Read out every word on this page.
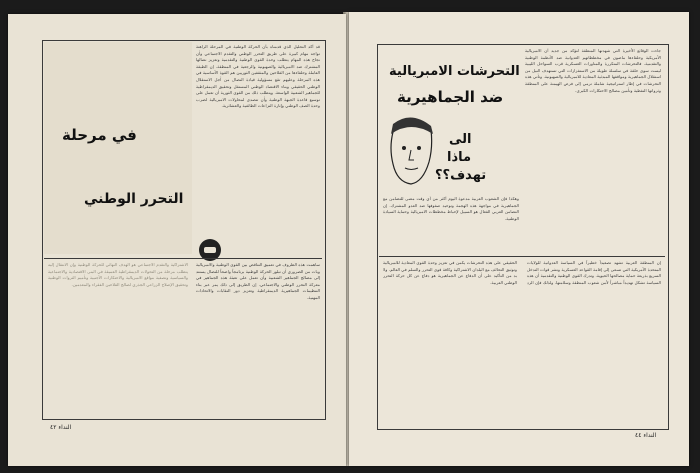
في مرحلة
التحرر الوطني

قد أكد التحليل الذي قدمناه بأن الحركة الوطنية في المرحلة الراهنة تواجه مهام كبيرة على طريق التحرر الوطني والتقدم الاجتماعي وأن نجاح هذه المهام يتطلب وحدة القوى الوطنية والتقدمية وتعزيز نضالها المشترك ضد الامبريالية والصهيونية والرجعية في المنطقة. إن الطبقة العاملة وحلفاءها من الفلاحين والمثقفين الثوريين هم القوة الأساسية في هذه المرحلة وعليهم تقع مسؤولية قيادة النضال من أجل الاستقلال الوطني الحقيقي وبناء الاقتصاد الوطني المستقل وتحقيق الديمقراطية للجماهير الشعبية الواسعة. ويتطلب ذلك من القوى الثورية أن تعمل على توسيع قاعدة الجبهة الوطنية وأن تتصدى لمحاولات الامبريالية لضرب وحدة الصف الوطني وإثارة النزاعات الطائفية والعشائرية.

ساهمت هذه الظروف في تعميق التناقض بين القوى الوطنية والامبريالية وبات من الضروري أن تبلور الحركة الوطنية برنامجاً واضحاً للنضال يستند إلى مصالح الجماهير الشعبية وأن تعمل على تعبئة هذه الجماهير في معركة التحرر الوطني والاجتماعي. إن الطريق إلى ذلك يمر عبر بناء التنظيمات الجماهيرية الديمقراطية وتعزيز دور النقابات والاتحادات المهنية.

الاشتراكية والتقدم الاجتماعي هو الهدف النهائي للحركة الوطنية وإن الانتقال إليه يتطلب مرحلة من التحولات الديمقراطية العميقة في البنى الاقتصادية والاجتماعية والسياسية وتصفية مواقع الامبريالية والاحتكارات الأجنبية وتأميم الثروات الوطنية وتحقيق الإصلاح الزراعي الجذري لصالح الفلاحين الفقراء والمعدمين.

النداء ٤٢
التحرشات الامبريالية
ضد الجماهيرية
الى
ماذا
تهدف؟؟

جاءت الوقائع الأخيرة التي شهدتها المنطقة لتؤكد من جديد أن الامبريالية الأمريكية وحلفاءها ماضون في مخططاتهم العدوانية ضد الأنظمة الوطنية والتقدمية. فالتحرشات المتكررة والمناورات العسكرية قرب السواحل الليبية ليست سوى حلقة في سلسلة طويلة من الاستفزازات التي تستهدف النيل من استقلال الجماهيرية ومواقفها المبدئية المعادية للامبريالية والصهيونية. وتأتي هذه التحرشات في إطار استراتيجية شاملة ترمي إلى فرض الهيمنة على المنطقة وثرواتها النفطية وتأمين مصالح الاحتكارات الكبرى.

وهكذا فإن الشعوب العربية مدعوة اليوم أكثر من أي وقت مضى للتضامن مع الجماهيرية في مواجهة هذه الهجمة وتوحيد صفوفها ضد العدو المشترك. إن التضامن العربي الفعال هو السبيل لإحباط مخططات الامبريالية وحماية السيادة الوطنية.

إن المنطقة العربية تشهد تصعيداً خطيراً في السياسة العدوانية للولايات المتحدة الأمريكية التي تسعى إلى إقامة القواعد العسكرية ونشر قوات التدخل السريع بذريعة حماية مصالحها الحيوية. وتدرك القوى الوطنية والتقدمية أن هذه السياسة تشكل تهديداً مباشراً لأمن شعوب المنطقة وسلامتها. ولذلك فإن الرد الحقيقي على هذه التحرشات يكمن في تعزيز وحدة القوى المعادية للامبريالية وتوثيق التحالف مع البلدان الاشتراكية وكافة قوى التحرر والسلم في العالم. ولا بد من التأكيد على أن الدفاع عن الجماهيرية هو دفاع عن كل حركة التحرر الوطني العربية.

النداء ٤٤
